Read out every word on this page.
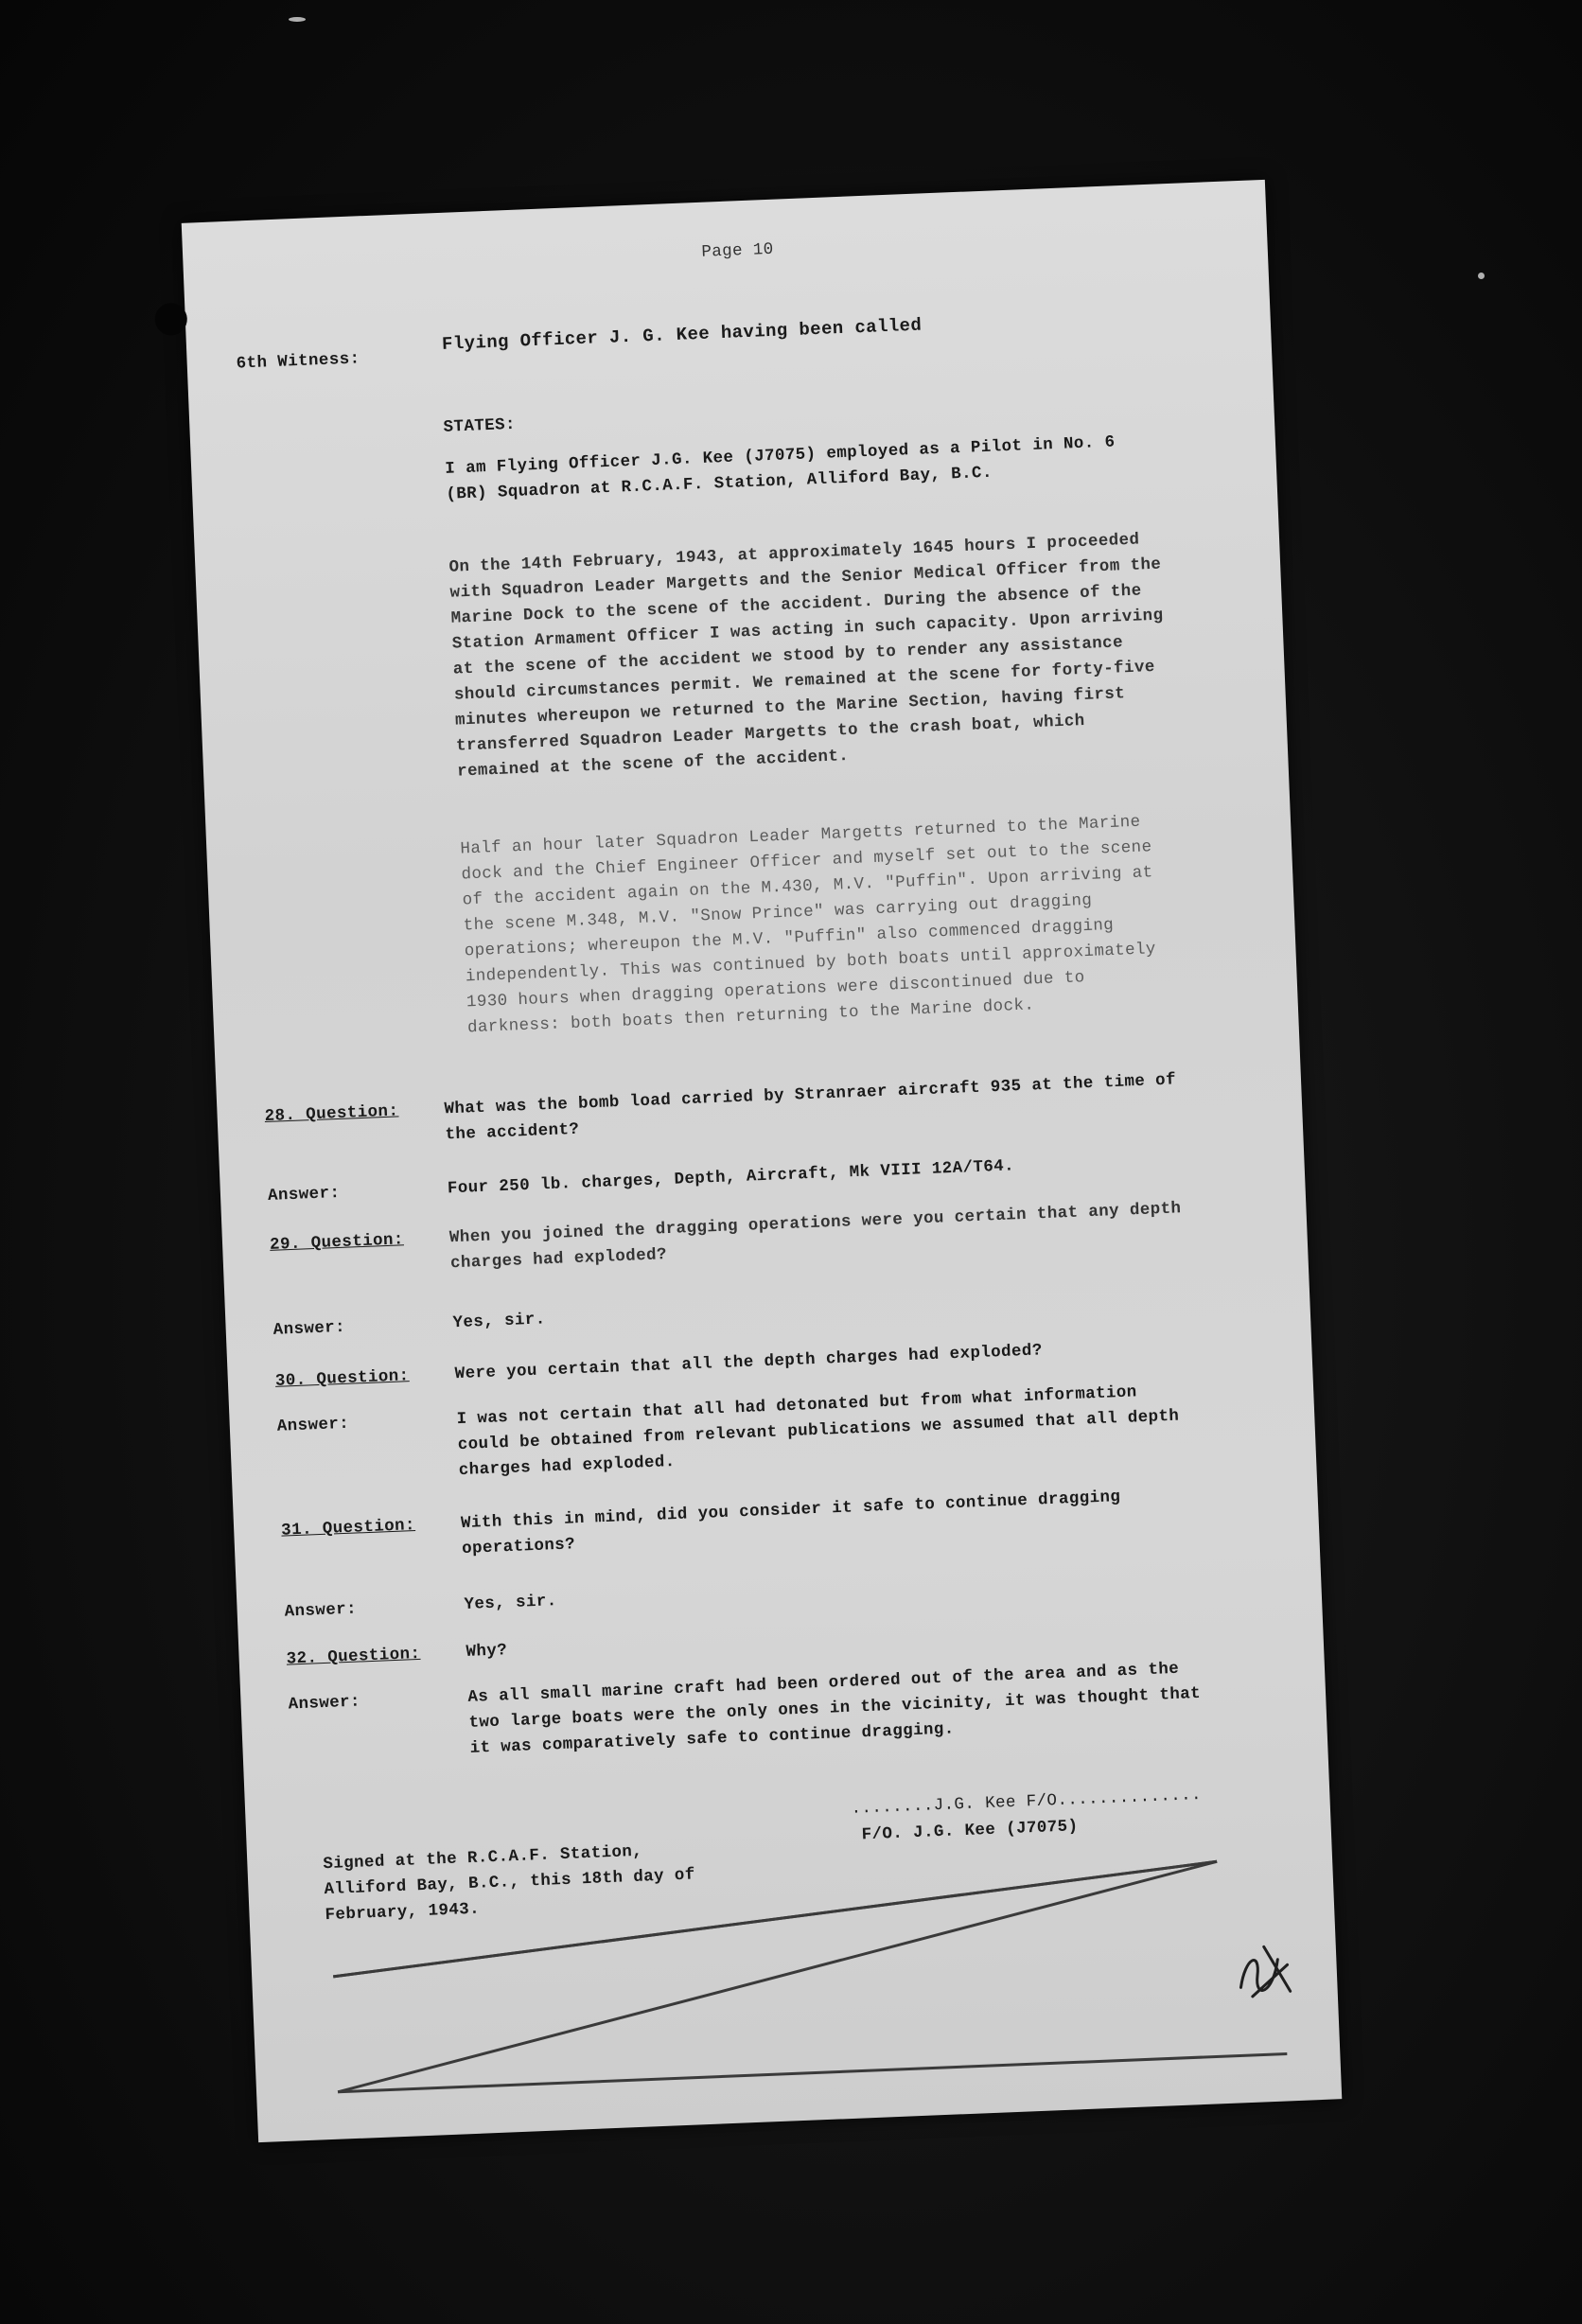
Page 10
6th Witness:
Flying Officer J. G. Kee having been called
STATES:
I am Flying Officer J.G. Kee (J7075) employed as a Pilot in No. 6 (BR) Squadron at R.C.A.F. Station, Alliford Bay, B.C.
On the 14th February, 1943, at approximately 1645 hours I proceeded with Squadron Leader Margetts and the Senior Medical Officer from the Marine Dock to the scene of the accident. During the absence of the Station Armament Officer I was acting in such capacity. Upon arriving at the scene of the accident we stood by to render any assistance should circumstances permit. We remained at the scene for forty-five minutes whereupon we returned to the Marine Section, having first transferred Squadron Leader Margetts to the crash boat, which remained at the scene of the accident.
Half an hour later Squadron Leader Margetts returned to the Marine dock and the Chief Engineer Officer and myself set out to the scene of the accident again on the M.430, M.V. "Puffin". Upon arriving at the scene M.348, M.V. "Snow Prince" was carrying out dragging operations; whereupon the M.V. "Puffin" also commenced dragging independently. This was continued by both boats until approximately 1930 hours when dragging operations were discontinued due to darkness: both boats then returning to the Marine dock.
28. Question:	What was the bomb load carried by Stranraer aircraft 935 at the time of the accident?
Answer:	Four 250 lb. charges, Depth, Aircraft, Mk VIII 12A/T64.
29. Question:	When you joined the dragging operations were you certain that any depth charges had exploded?
Answer:	Yes, sir.
30. Question:	Were you certain that all the depth charges had exploded?
Answer:	I was not certain that all had detonated but from what information could be obtained from relevant publications we assumed that all depth charges had exploded.
31. Question:	With this in mind, did you consider it safe to continue dragging operations?
Answer:	Yes, sir.
32. Question:	Why?
Answer:	As all small marine craft had been ordered out of the area and as the two large boats were the only ones in the vicinity, it was thought that it was comparatively safe to continue dragging.
........J.G. Kee F/O..............
F/O. J.G. Kee (J7075)
Signed at the R.C.A.F. Station, Alliford Bay, B.C., this 18th day of February, 1943.
